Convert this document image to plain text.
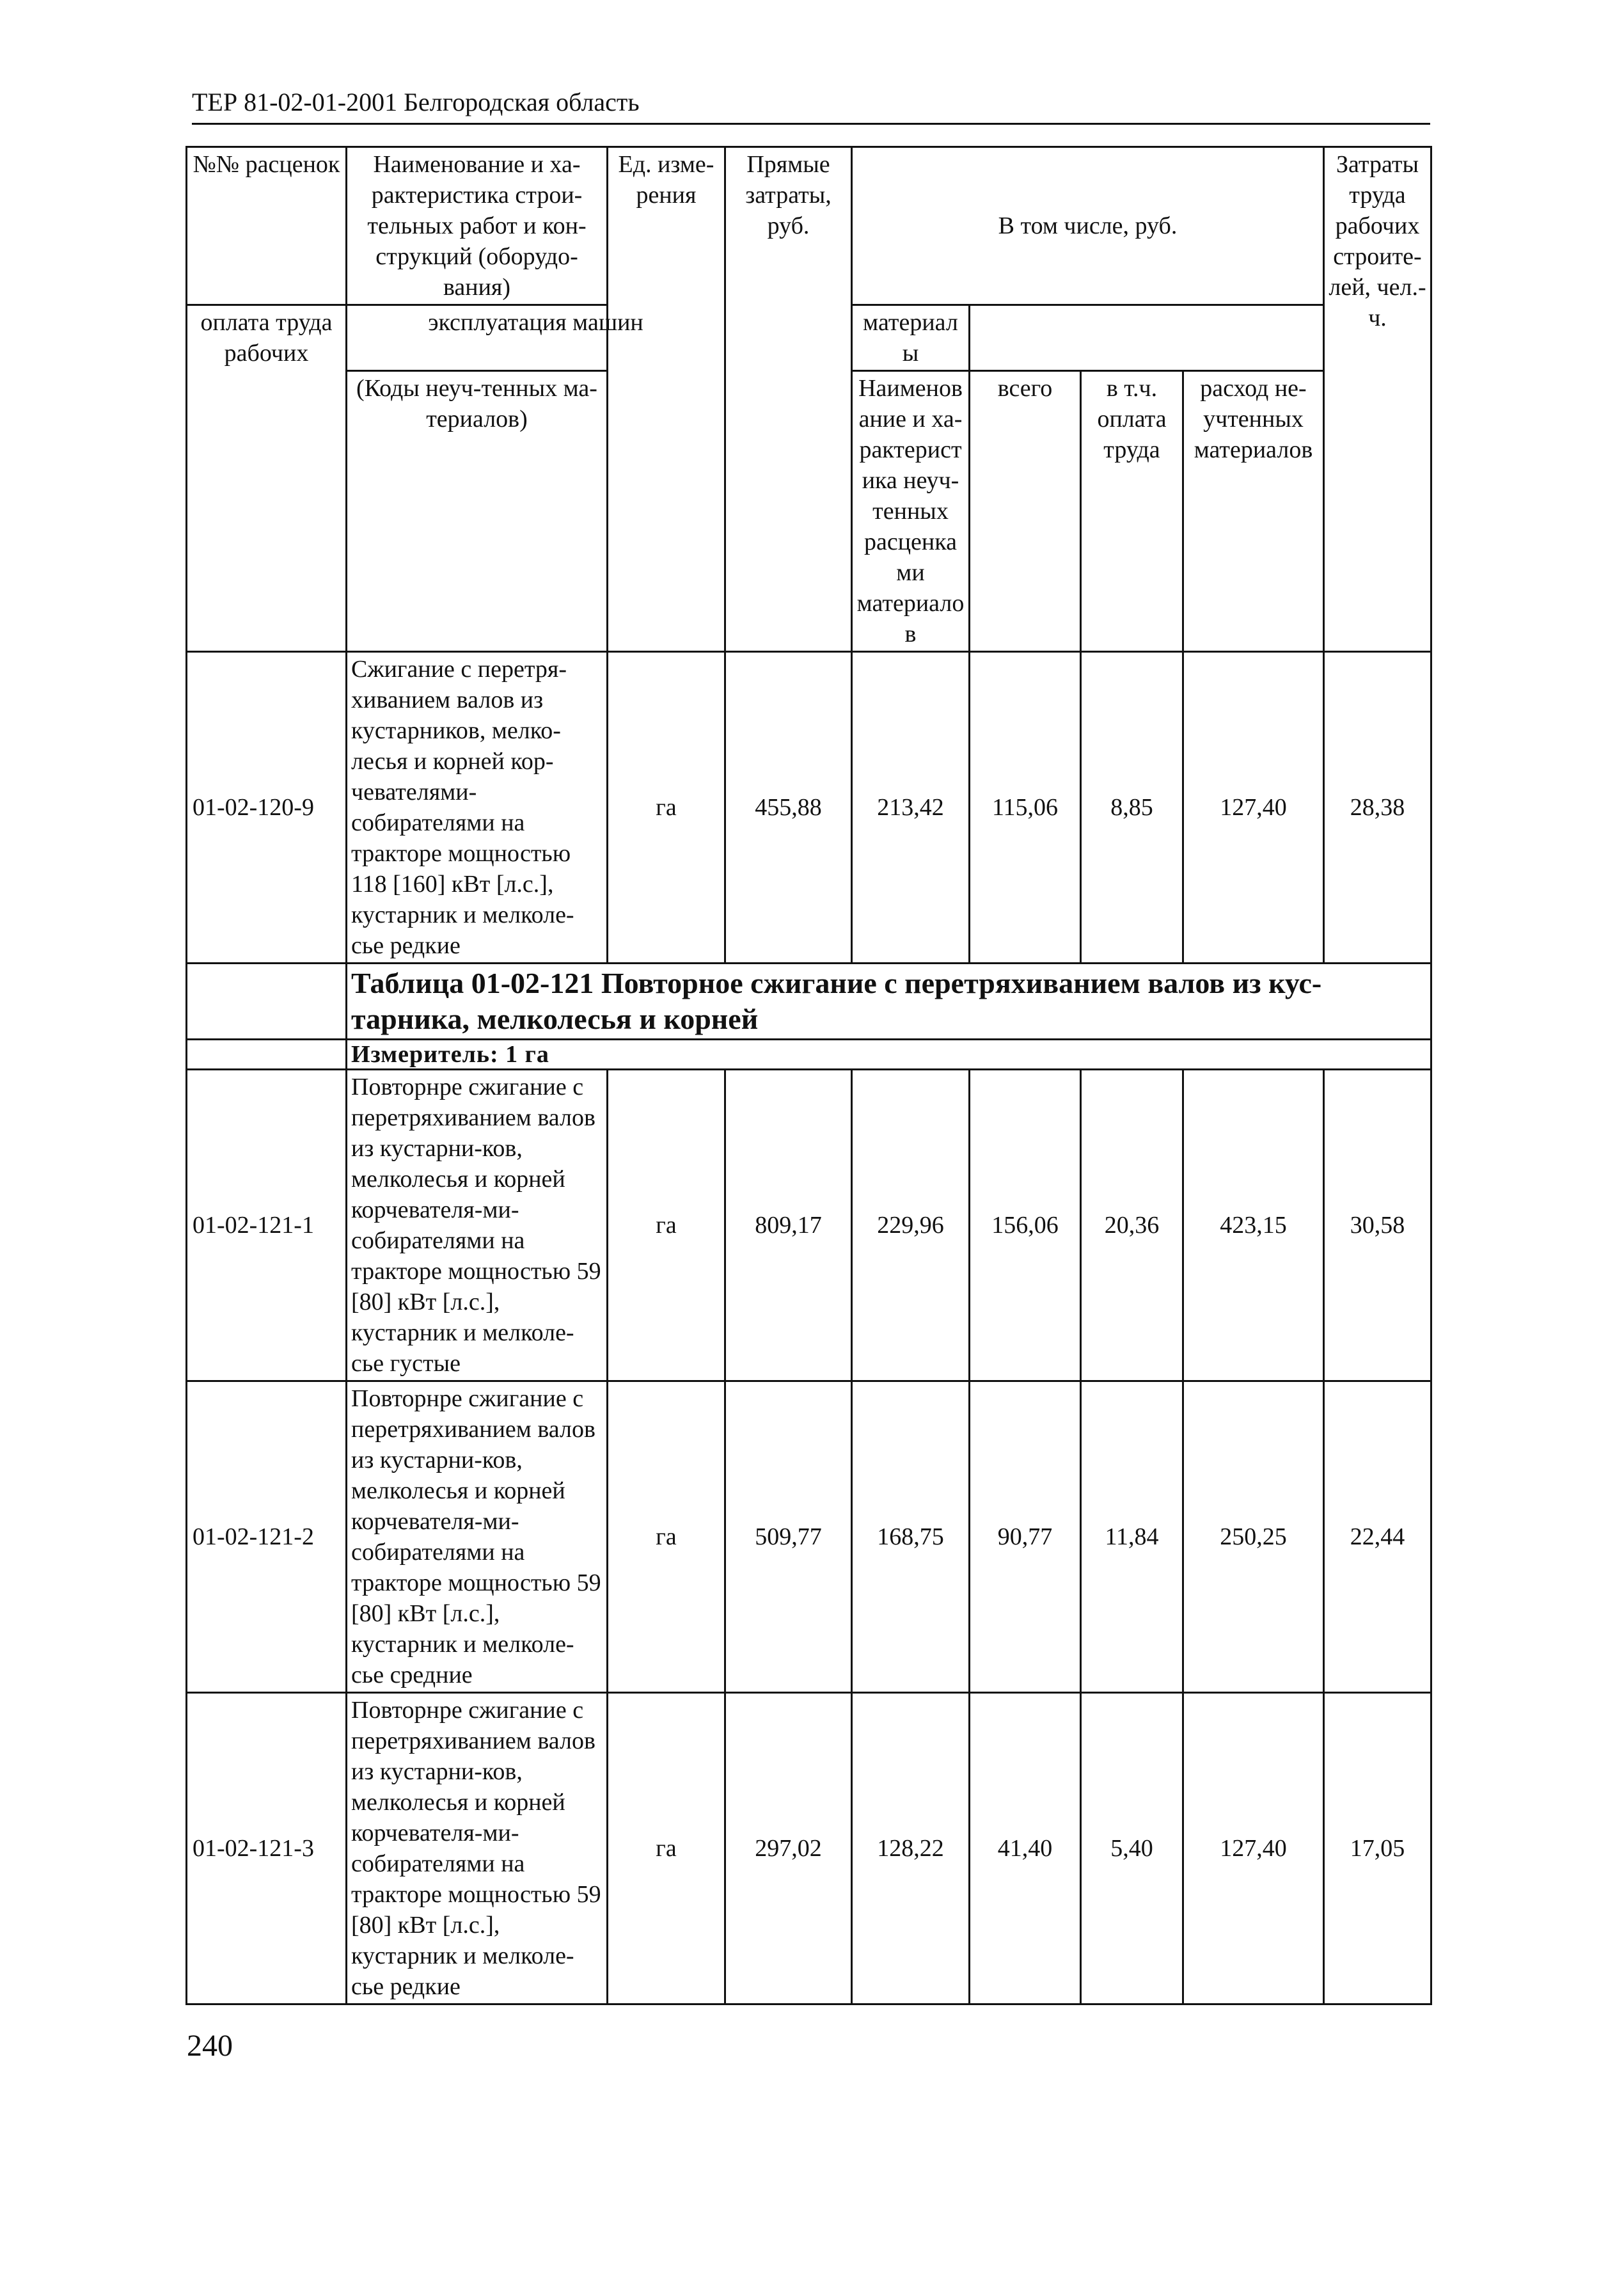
ТЕР 81-02-01-2001 Белгородская область
№№ расценок	Наименование и ха-рактеристика строи-тельных работ и кон-струкций (оборудо-вания)	Ед. изме-рения	Прямые затраты, руб.	В том числе, руб.				Затраты труда рабочих строите-лей, чел.-ч.
оплата труда рабочих	эксплуатация машин			материалы				
	(Коды неуч-тенных ма-териалов)			Наименование и ха-рактеристика неуч-тенных расценками материалов	всего	в т.ч. оплата труда	расход не-учтенных материалов	
01-02-120-9	Сжигание с перетря-хиванием валов из кустарников, мелко-лесья и корней кор-чевателями-собирателями на тракторе мощностью 118 [160] кВт [л.с.], кустарник и мелколе-сье редкие	га	455,88	213,42	115,06	8,85	127,40	28,38
	Таблица 01-02-121 Повторное сжигание с перетряхиванием валов из кус-тарника, мелколесья и корней							
	Измеритель: 1 га							
01-02-121-1	Повторнре сжигание с перетряхиванием валов из кустарни-ков, мелколесья и корней корчевателя-ми-собирателями на тракторе мощностью 59 [80] кВт [л.с.], кустарник и мелколе-сье густые	га	809,17	229,96	156,06	20,36	423,15	30,58
01-02-121-2	Повторнре сжигание с перетряхиванием валов из кустарни-ков, мелколесья и корней корчевателя-ми-собирателями на тракторе мощностью 59 [80] кВт [л.с.], кустарник и мелколе-сье средние	га	509,77	168,75	90,77	11,84	250,25	22,44
01-02-121-3	Повторнре сжигание с перетряхиванием валов из кустарни-ков, мелколесья и корней корчевателя-ми-собирателями на тракторе мощностью 59 [80] кВт [л.с.], кустарник и мелколе-сье редкие	га	297,02	128,22	41,40	5,40	127,40	17,05
240
